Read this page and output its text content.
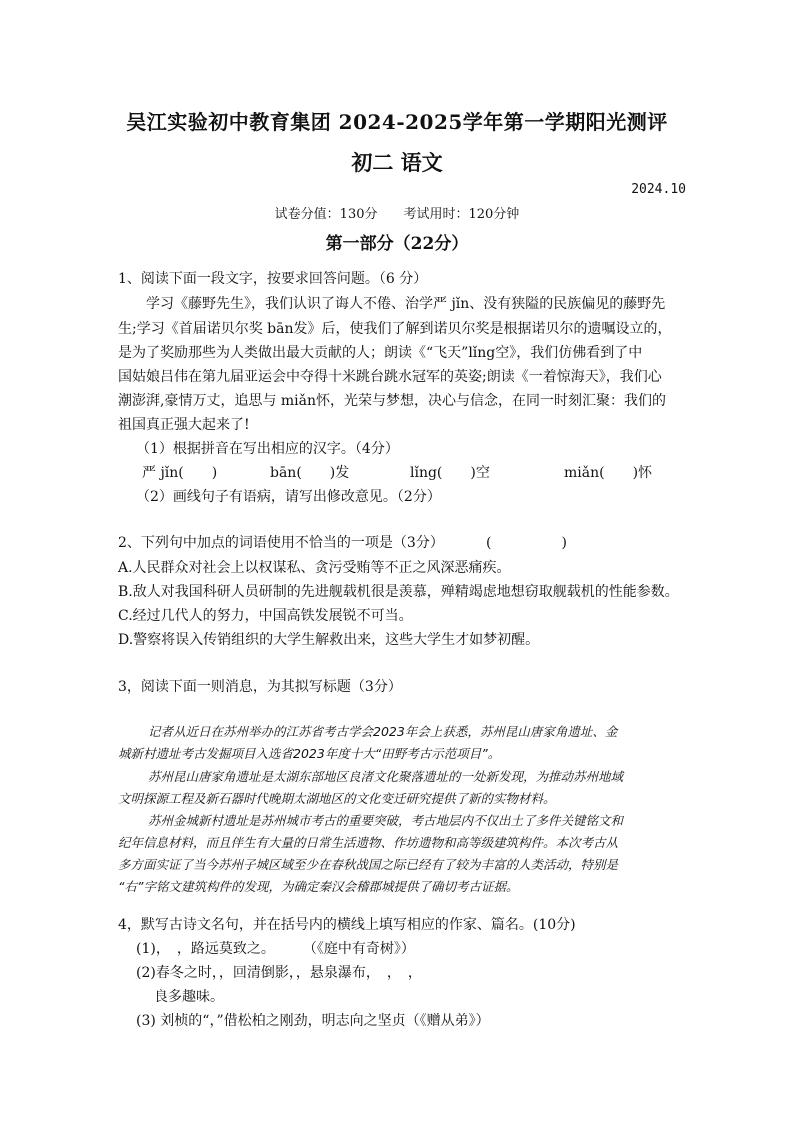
吴江实验初中教育集团 2024-2025学年第一学期阳光测评
初二 语文
2024.10
试卷分值：130分　　考试用时：120分钟
第一部分（22分）
1、阅读下面一段文字，按要求回答问题。（6 分）
学习《藤野先生》，我们认识了诲人不倦、治学严 jǐn、没有狭隘的民族偏见的藤野先
生;学习《首届诺贝尔奖 bān发》后，使我们了解到诺贝尔奖是根据诺贝尔的遗嘱设立的，
是为了奖励那些为人类做出最大贡献的人；朗读《“飞天”lǐng空》，我们仿佛看到了中
国姑娘吕伟在第九届亚运会中夺得十米跳台跳水冠军的英姿;朗读《一着惊海天》，我们心
潮澎湃,豪情万丈，追思与 miǎn怀，光荣与梦想，决心与信念，在同一时刻汇聚：我们的
祖国真正强大起来了!
（1）根据拼音在写出相应的汉字。（4分）
严 jǐn(　　)	bān(　　)发	lǐng(　　)空	miǎn(　　)怀
（2）画线句子有语病，请写出修改意见。（2分）
2、下列句中加点的词语使用不恰当的一项是（3分）	(　　　　　)
A.人民群众对社会上以权谋私、贪污受贿等不正之风深恶痛疾。
B.敌人对我国科研人员研制的先进舰载机很是羡慕，殚精竭虑地想窃取舰载机的性能参数。
C.经过几代人的努力，中国高铁发展锐不可当。
D.警察将误入传销组织的大学生解救出来，这些大学生才如梦初醒。
3，阅读下面一则消息，为其拟写标题（3分）
记者从近日在苏州举办的江苏省考古学会2023年会上获悉，苏州昆山唐家角遗址、金
城新村遗址考古发掘项目入选省2023年度十大“田野考古示范项目”。
苏州昆山唐家角遗址是太湖东部地区良渚文化聚落遗址的一处新发现，为推动苏州地域
文明探源工程及新石器时代晚期太湖地区的文化变迁研究提供了新的实物材料。
苏州金城新村遗址是苏州城市考古的重要突破，考古地层内不仅出土了多件关键铭文和
纪年信息材料，而且伴生有大量的日常生活遗物、作坊遗物和高等级建筑构件。本次考古从
多方面实证了当今苏州子城区域至少在春秋战国之际已经有了较为丰富的人类活动，特别是
“右”字铭文建筑构件的发现，为确定秦汉会稽郡城提供了确切考古证据。
4，默写古诗文名句，并在括号内的横线上填写相应的作家、篇名。(10分)
(1)，　，路远莫致之。　　　（《庭中有奇树》）
(2)春冬之时，，回清倒影，，悬泉瀑布，　，　，
良多趣味。
(3) 刘桢的“，”借松柏之刚劲，明志向之坚贞（《赠从弟》）
